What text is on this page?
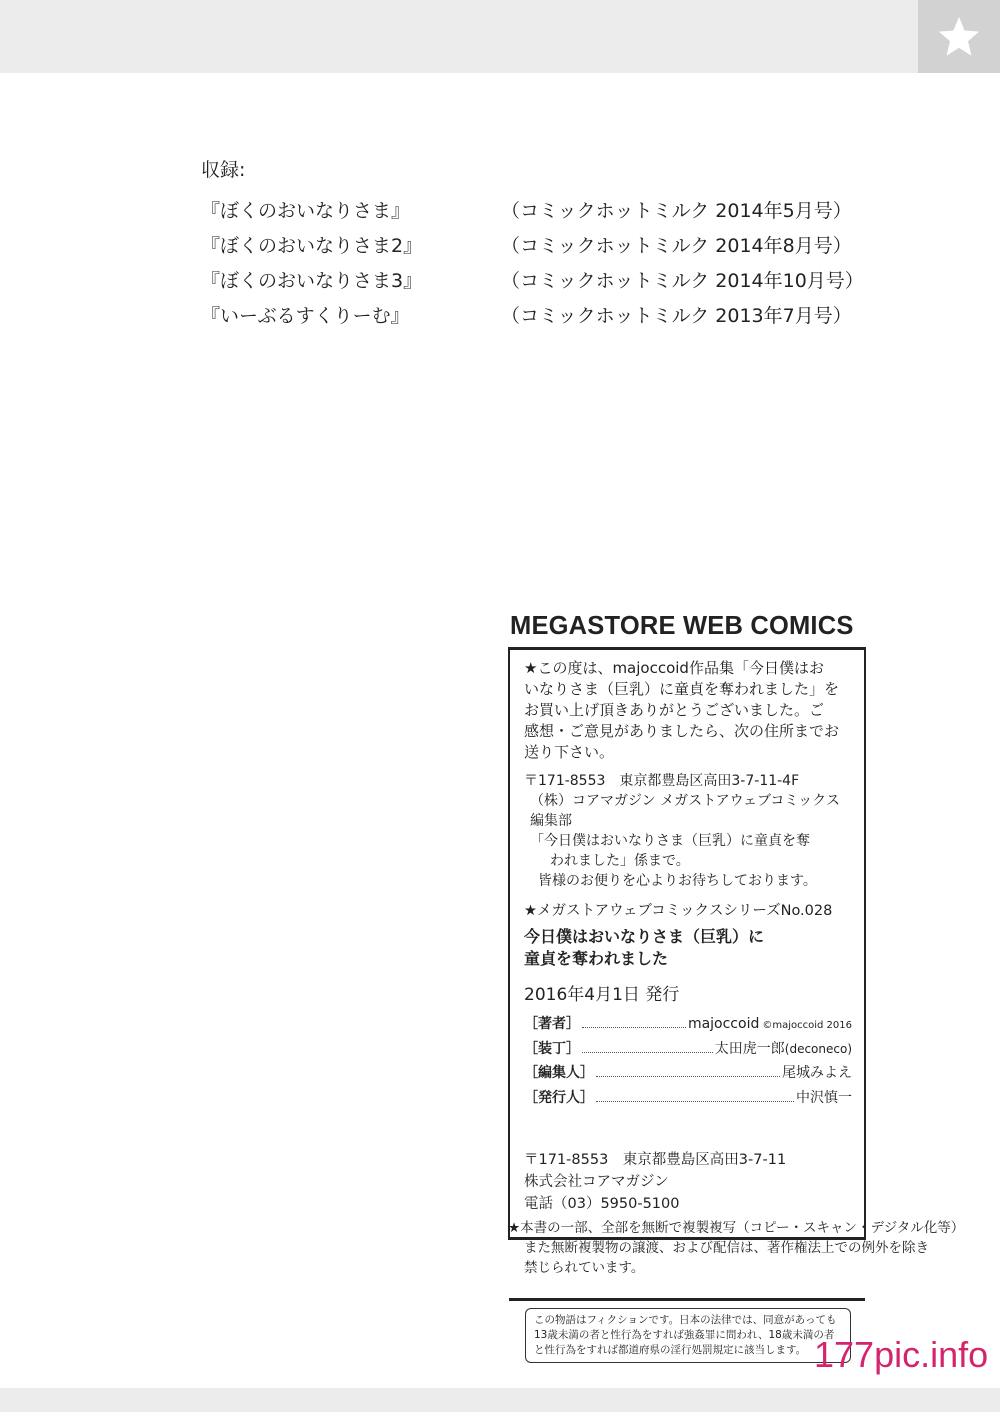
収録:
『ぼくのおいなりさま』	（コミックホットミルク 2014年5月号）
『ぼくのおいなりさま2』	（コミックホットミルク 2014年8月号）
『ぼくのおいなりさま3』	（コミックホットミルク 2014年10月号）
『いーぶるすくりーむ』	（コミックホットミルク 2013年7月号）
MEGASTORE WEB COMICS
★この度は、majoccoid作品集「今日僕はお
いなりさま（巨乳）に童貞を奪われました」を
お買い上げ頂きありがとうございました。ご
感想・ご意見がありましたら、次の住所までお
送り下さい。
〒171-8553　東京都豊島区高田3-7-11-4F
（株）コアマガジン メガストアウェブコミックス編集部
「今日僕はおいなりさま（巨乳）に童貞を奪
われました」係まで。
皆様のお便りを心よりお待ちしております。
★メガストアウェブコミックスシリーズNo.028
今日僕はおいなりさま（巨乳）に
童貞を奪われました
2016年4月1日 発行
［著者］	majoccoid ©majoccoid 2016
［装丁］	太田虎一郎 (deconeco)
［編集人］	尾城みよえ
［発行人］	中沢慎一
〒171-8553　東京都豊島区高田3-7-11
株式会社コアマガジン
電話（03）5950-5100
★本書の一部、全部を無断で複製複写（コピー・スキャン・デジタル化等）
また無断複製物の譲渡、および配信は、著作権法上での例外を除き
禁じられています。
この物語はフィクションです。日本の法律では、同意があっても
13歳未満の者と性行為をすれば強姦罪に問われ、18歳未満の者
と性行為をすれば都道府県の淫行処罰規定に該当します。 177pic.info
